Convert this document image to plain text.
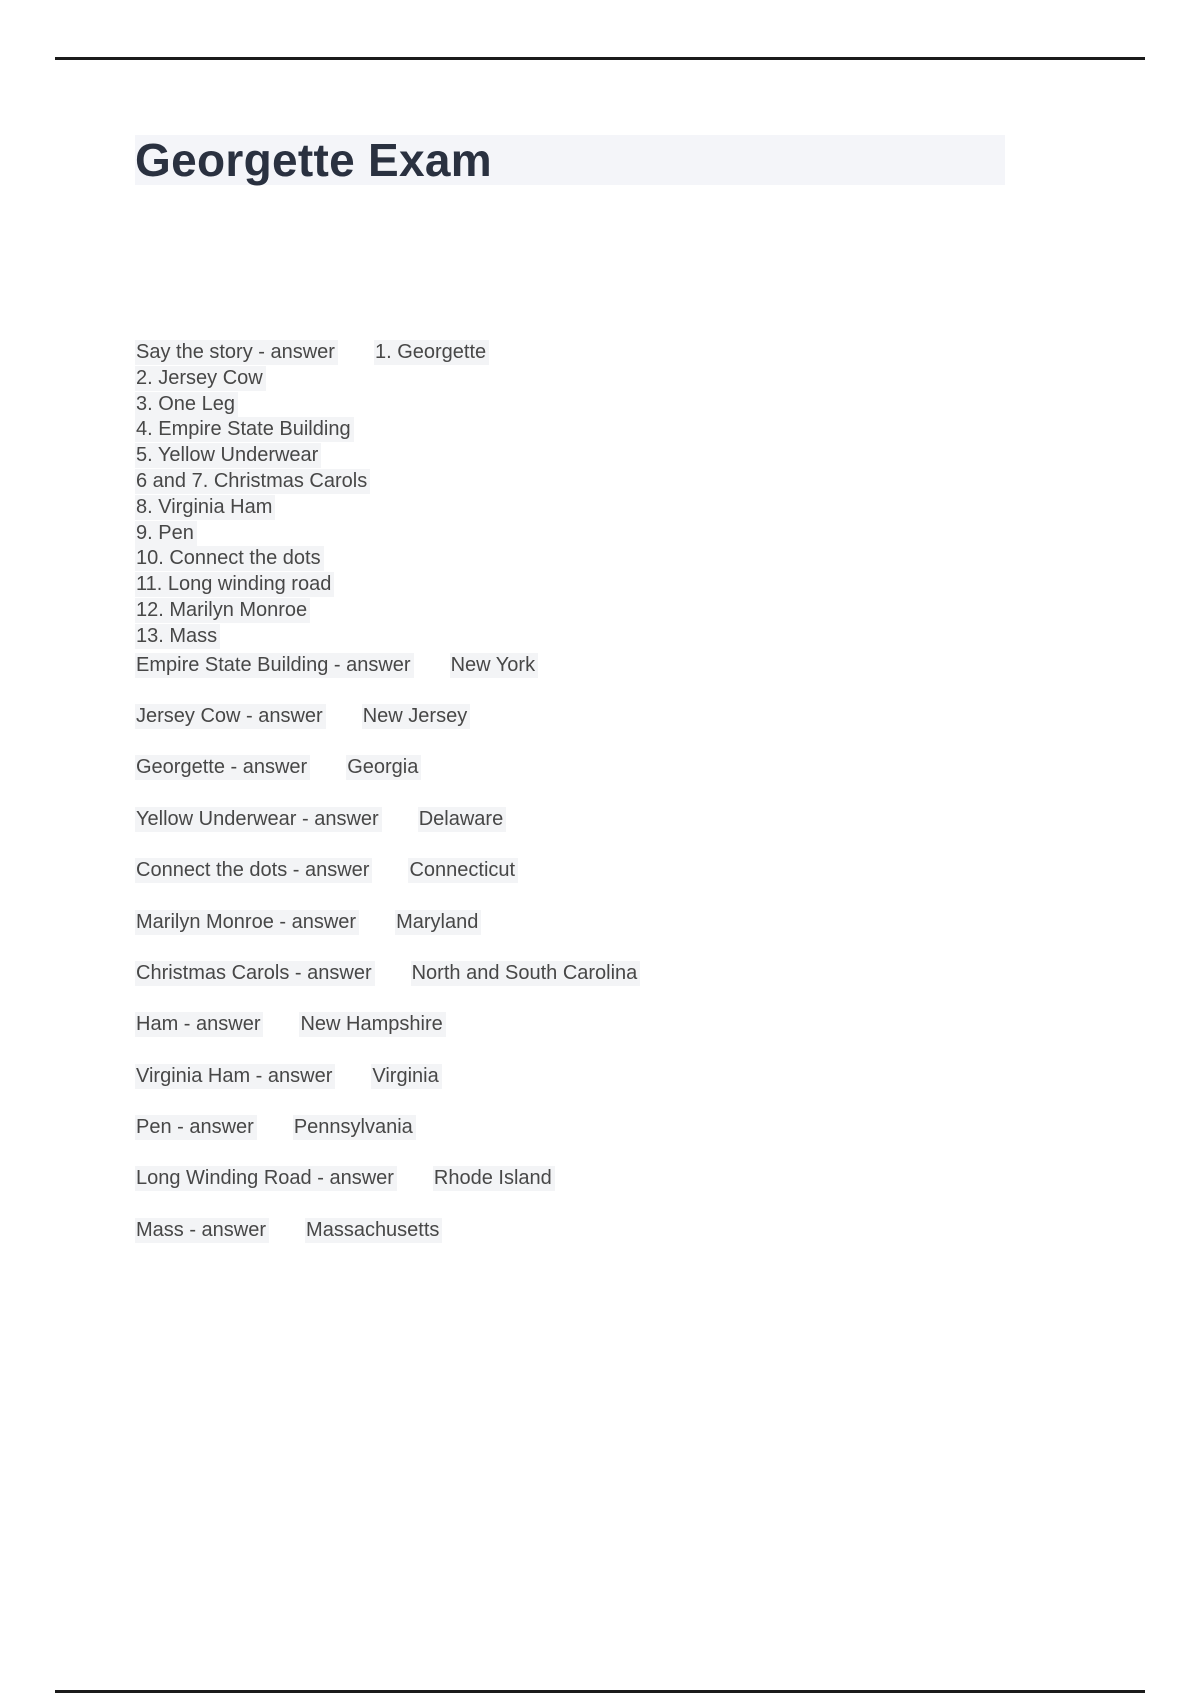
Georgette Exam
Say the story - answer 1. Georgette
2. Jersey Cow
3. One Leg
4. Empire State Building
5. Yellow Underwear
6 and 7. Christmas Carols
8. Virginia Ham
9. Pen
10. Connect the dots
11. Long winding road
12. Marilyn Monroe
13. Mass

Empire State Building - answer New York

Jersey Cow - answer New Jersey

Georgette - answer Georgia

Yellow Underwear - answer Delaware

Connect the dots - answer Connecticut

Marilyn Monroe - answer Maryland

Christmas Carols - answer North and South Carolina

Ham - answer New Hampshire

Virginia Ham - answer Virginia

Pen - answer Pennsylvania

Long Winding Road - answer Rhode Island

Mass - answer Massachusetts
